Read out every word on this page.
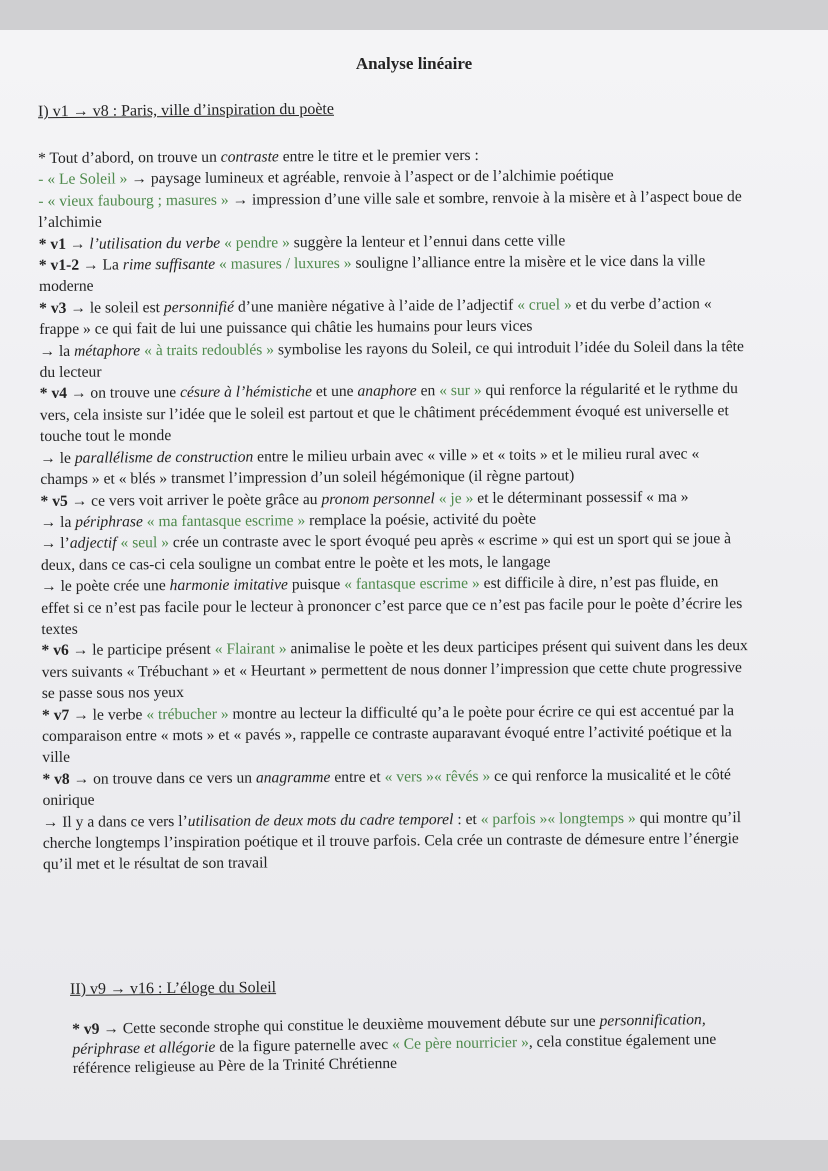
Analyse linéaire
I) v1 → v8 : Paris, ville d’inspiration du poète
* Tout d’abord, on trouve un contraste entre le titre et le premier vers :
- « Le Soleil » → paysage lumineux et agréable, renvoie à l’aspect or de l’alchimie poétique
- « vieux faubourg ; masures » → impression d’une ville sale et sombre, renvoie à la misère et à l’aspect boue de l’alchimie
* v1 → l’utilisation du verbe « pendre » suggère la lenteur et l’ennui dans cette ville
* v1-2 → La rime suffisante « masures / luxures » souligne l’alliance entre la misère et le vice dans la ville moderne
* v3 → le soleil est personnifié d’une manière négative à l’aide de l’adjectif « cruel » et du verbe d’action « frappe » ce qui fait de lui une puissance qui châtie les humains pour leurs vices
→ la métaphore « à traits redoublés » symbolise les rayons du Soleil, ce qui introduit l’idée du Soleil dans la tête du lecteur
* v4 → on trouve une césure à l’hémistiche et une anaphore en « sur » qui renforce la régularité et le rythme du vers, cela insiste sur l’idée que le soleil est partout et que le châtiment précédemment évoqué est universelle et touche tout le monde
→ le parallélisme de construction entre le milieu urbain avec « ville » et « toits » et le milieu rural avec « champs » et « blés » transmet l’impression d’un soleil hégémonique (il règne partout)
* v5 → ce vers voit arriver le poète grâce au pronom personnel « je » et le déterminant possessif « ma »
→ la périphrase « ma fantasque escrime » remplace la poésie, activité du poète
→ l’adjectif « seul » crée un contraste avec le sport évoqué peu après « escrime » qui est un sport qui se joue à deux, dans ce cas-ci cela souligne un combat entre le poète et les mots, le langage
→ le poète crée une harmonie imitative puisque « fantasque escrime » est difficile à dire, n’est pas fluide, en effet si ce n’est pas facile pour le lecteur à prononcer c’est parce que ce n’est pas facile pour le poète d’écrire les textes
* v6 → le participe présent « Flairant » animalise le poète et les deux participes présent qui suivent dans les deux vers suivants « Trébuchant » et « Heurtant » permettent de nous donner l’impression que cette chute progressive se passe sous nos yeux
* v7 → le verbe « trébucher » montre au lecteur la difficulté qu’a le poète pour écrire ce qui est accentué par la comparaison entre « mots » et « pavés », rappelle ce contraste auparavant évoqué entre l’activité poétique et la ville
* v8 → on trouve dans ce vers un anagramme entre et « vers »« rêvés » ce qui renforce la musicalité et le côté onirique
→ Il y a dans ce vers l’utilisation de deux mots du cadre temporel : et « parfois »« longtemps » qui montre qu’il cherche longtemps l’inspiration poétique et il trouve parfois. Cela crée un contraste de démesure entre l’énergie qu’il met et le résultat de son travail
II) v9 → v16 : L’éloge du Soleil
* v9 → Cette seconde strophe qui constitue le deuxième mouvement débute sur une personnification, périphrase et allégorie de la figure paternelle avec « Ce père nourricier », cela constitue également une référence religieuse au Père de la Trinité Chrétienne
